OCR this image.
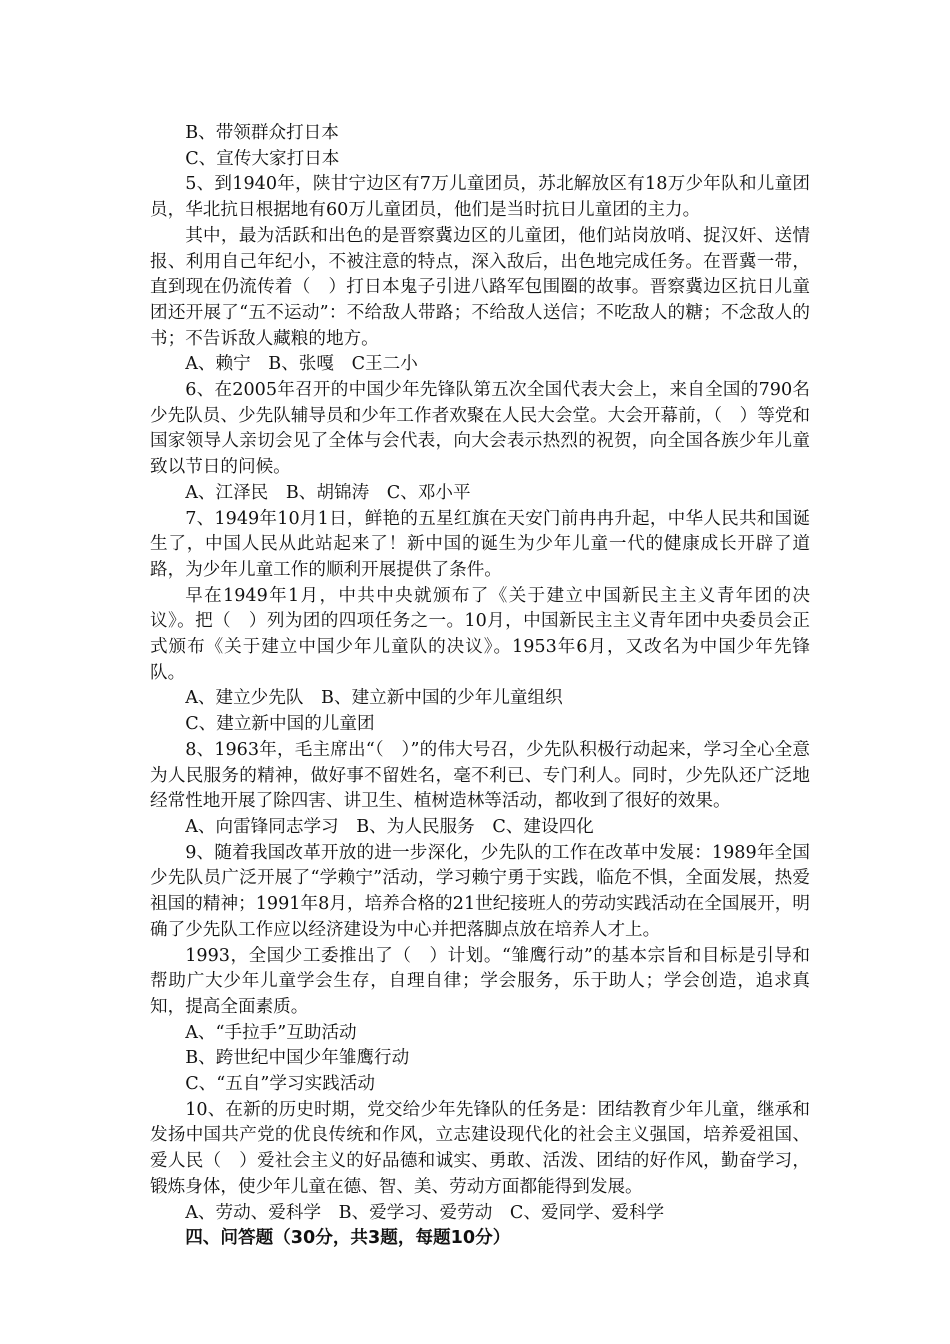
B、带领群众打日本

C、宣传大家打日本

5、到1940年，陕甘宁边区有7万儿童团员，苏北解放区有18万少年队和儿童团员，华北抗日根据地有60万儿童团员，他们是当时抗日儿童团的主力。

其中，最为活跃和出色的是晋察冀边区的儿童团，他们站岗放哨、捉汉奸、送情报、利用自己年纪小，不被注意的特点，深入敌后，出色地完成任务。在晋冀一带，直到现在仍流传着（　）打日本鬼子引进八路军包围圈的故事。晋察冀边区抗日儿童团还开展了“五不运动”：不给敌人带路；不给敌人送信；不吃敌人的糖；不念敌人的书；不告诉敌人藏粮的地方。

A、赖宁　B、张嘎　C王二小

6、在2005年召开的中国少年先锋队第五次全国代表大会上，来自全国的790名少先队员、少先队辅导员和少年工作者欢聚在人民大会堂。大会开幕前，（　）等党和国家领导人亲切会见了全体与会代表，向大会表示热烈的祝贺，向全国各族少年儿童致以节日的问候。

A、江泽民　B、胡锦涛　C、邓小平

7、1949年10月1日，鲜艳的五星红旗在天安门前冉冉升起，中华人民共和国诞生了，中国人民从此站起来了！新中国的诞生为少年儿童一代的健康成长开辟了道路，为少年儿童工作的顺利开展提供了条件。

早在1949年1月，中共中央就颁布了《关于建立中国新民主主义青年团的决议》。把（　）列为团的四项任务之一。10月，中国新民主主义青年团中央委员会正式颁布《关于建立中国少年儿童队的决议》。1953年6月，又改名为中国少年先锋队。

A、建立少先队　B、建立新中国的少年儿童组织

C、建立新中国的儿童团

8、1963年，毛主席出“（　）”的伟大号召，少先队积极行动起来，学习全心全意为人民服务的精神，做好事不留姓名，毫不利已、专门利人。同时，少先队还广泛地经常性地开展了除四害、讲卫生、植树造林等活动，都收到了很好的效果。

A、向雷锋同志学习　B、为人民服务　C、建设四化

9、随着我国改革开放的进一步深化，少先队的工作在改革中发展：1989年全国少先队员广泛开展了“学赖宁”活动，学习赖宁勇于实践，临危不惧，全面发展，热爱祖国的精神；1991年8月，培养合格的21世纪接班人的劳动实践活动在全国展开，明确了少先队工作应以经济建设为中心并把落脚点放在培养人才上。

1993，全国少工委推出了（　）计划。“雏鹰行动”的基本宗旨和目标是引导和帮助广大少年儿童学会生存，自理自律；学会服务，乐于助人；学会创造，追求真知，提高全面素质。

A、“手拉手”互助活动

B、跨世纪中国少年雏鹰行动

C、“五自”学习实践活动

10、在新的历史时期，党交给少年先锋队的任务是：团结教育少年儿童，继承和发扬中国共产党的优良传统和作风，立志建设现代化的社会主义强国，培养爱祖国、爱人民（　）爱社会主义的好品德和诚实、勇敢、活泼、团结的好作风，勤奋学习，锻炼身体，使少年儿童在德、智、美、劳动方面都能得到发展。

A、劳动、爱科学　B、爱学习、爱劳动　C、爱同学、爱科学

四、问答题（30分，共3题，每题10分）
